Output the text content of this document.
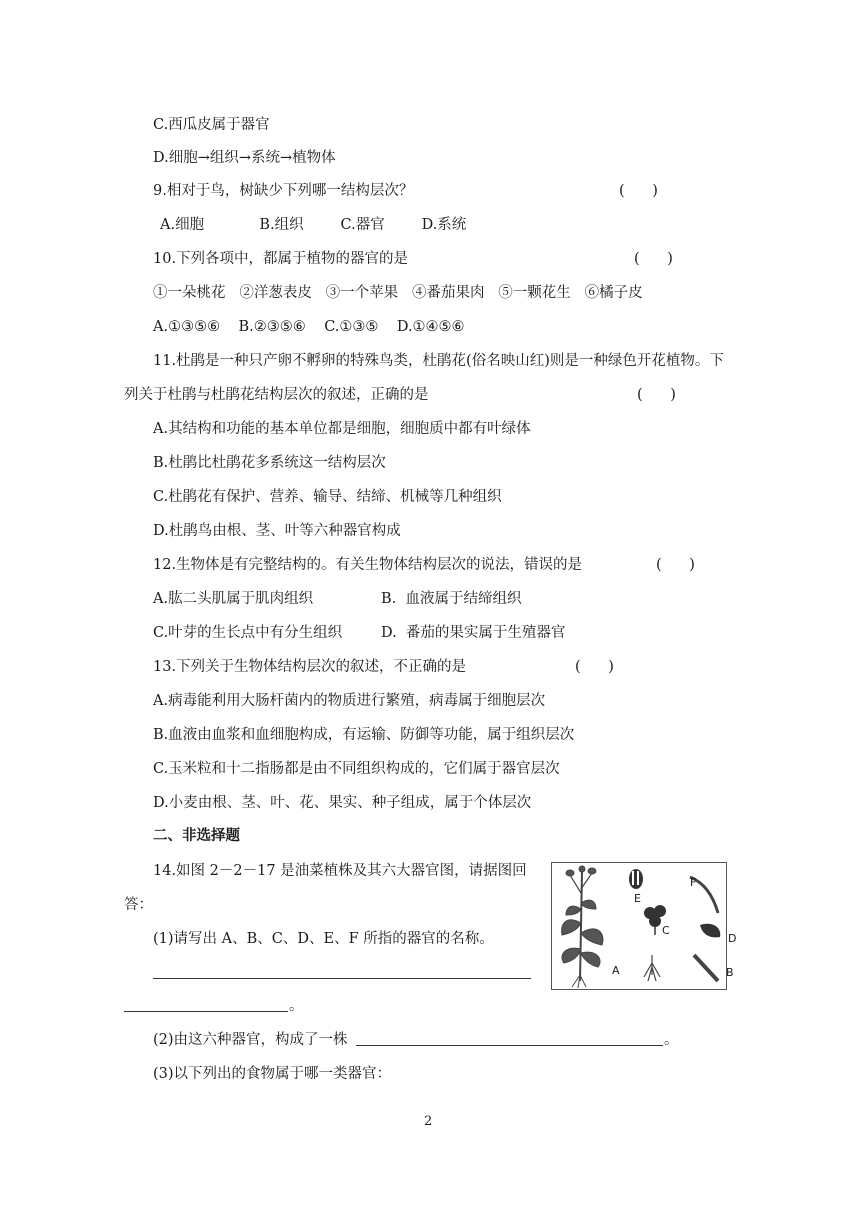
C.西瓜皮属于器官
D.细胞→组织→系统→植物体
9.相对于鸟，树缺少下列哪一结构层次？	(      )
A.细胞            B.组织        C.器官        D.系统
10.下列各项中，都属于植物的器官的是	(      )
①一朵桃花   ②洋葱表皮   ③一个苹果   ④番茄果肉   ⑤一颗花生   ⑥橘子皮
A.①③⑤⑥    B.②③⑤⑥    C.①③⑤    D.①④⑤⑥
11.杜鹃是一种只产卵不孵卵的特殊鸟类，杜鹃花(俗名映山红)则是一种绿色开花植物。下
列关于杜鹃与杜鹃花结构层次的叙述，正确的是	(      )
A.其结构和功能的基本单位都是细胞，细胞质中都有叶绿体
B.杜鹃比杜鹃花多系统这一结构层次
C.杜鹃花有保护、营养、输导、结缔、机械等几种组织
D.杜鹃鸟由根、茎、叶等六种器官构成
12.生物体是有完整结构的。有关生物体结构层次的说法，错误的是	(      )
A.肱二头肌属于肌肉组织	B.  血液属于结缔组织
C.叶芽的生长点中有分生组织	D.  番茄的果实属于生殖器官
13.下列关于生物体结构层次的叙述，不正确的是	(      )
A.病毒能利用大肠杆菌内的物质进行繁殖，病毒属于细胞层次
B.血液由血浆和血细胞构成，有运输、防御等功能，属于组织层次
C.玉米粒和十二指肠都是由不同组织构成的，它们属于器官层次
D.小麦由根、茎、叶、花、果实、种子组成，属于个体层次
二、非选择题
14.如图 2－2－17 是油菜植株及其六大器官图，请据图回
答：
(1)请写出 A、B、C、D、E、F 所指的器官的名称。
。
(2)由这六种器官，构成了一株	。
(3)以下列出的食物属于哪一类器官：
E
F
C
D
A	B
2
